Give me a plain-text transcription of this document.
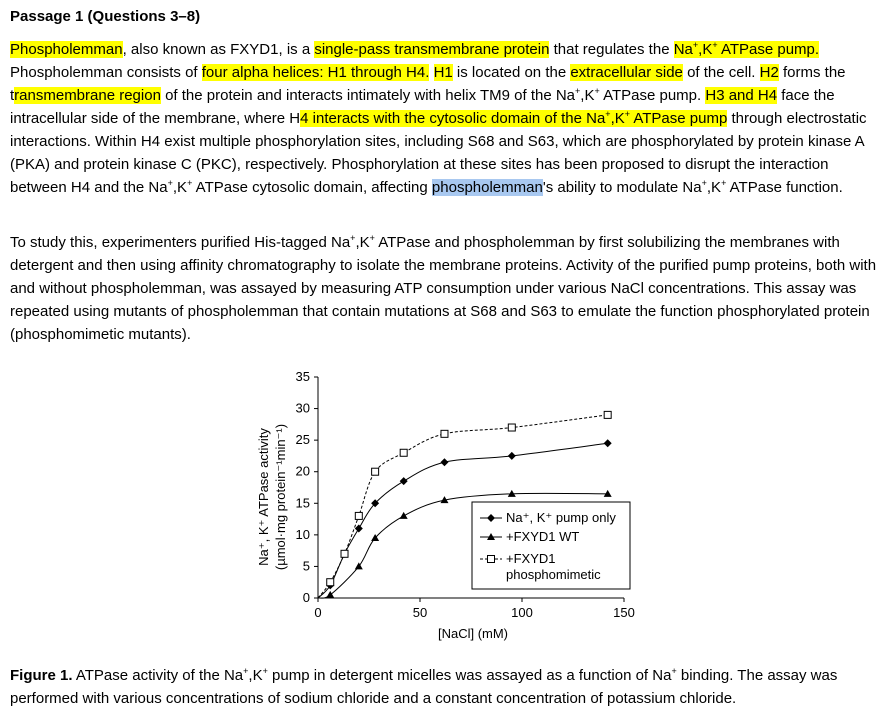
Passage 1 (Questions 3–8)

Phospholemman, also known as FXYD1, is a single-pass transmembrane protein that regulates the Na+,K+ ATPase pump. Phospholemman consists of four alpha helices: H1 through H4. H1 is located on the extracellular side of the cell. H2 forms the transmembrane region of the protein and interacts intimately with helix TM9 of the Na+,K+ ATPase pump. H3 and H4 face the intracellular side of the membrane, where H4 interacts with the cytosolic domain of the Na+,K+ ATPase pump through electrostatic interactions. Within H4 exist multiple phosphorylation sites, including S68 and S63, which are phosphorylated by protein kinase A (PKA) and protein kinase C (PKC), respectively. Phosphorylation at these sites has been proposed to disrupt the interaction between H4 and the Na+,K+ ATPase cytosolic domain, affecting phospholemman's ability to modulate Na+,K+ ATPase function.

To study this, experimenters purified His-tagged Na+,K+ ATPase and phospholemman by first solubilizing the membranes with detergent and then using affinity chromatography to isolate the membrane proteins. Activity of the purified pump proteins, both with and without phospholemman, was assayed by measuring ATP consumption under various NaCl concentrations. This assay was repeated using mutants of phospholemman that contain mutations at S68 and S63 to emulate the function phosphorylated protein (phosphomimetic mutants).

0
5
10
15
20
25
30
35
0	50	100	150
Na⁺, K⁺ pump only
+FXYD1 WT
+FXYD1
phosphomimetic
[NaCl] (mM)
Na⁺, K⁺ ATPase activity (µmol·mg protein⁻¹min⁻¹)

Figure 1. ATPase activity of the Na+,K+ pump in detergent micelles was assayed as a function of Na+ binding. The assay was performed with various concentrations of sodium chloride and a constant concentration of potassium chloride.
